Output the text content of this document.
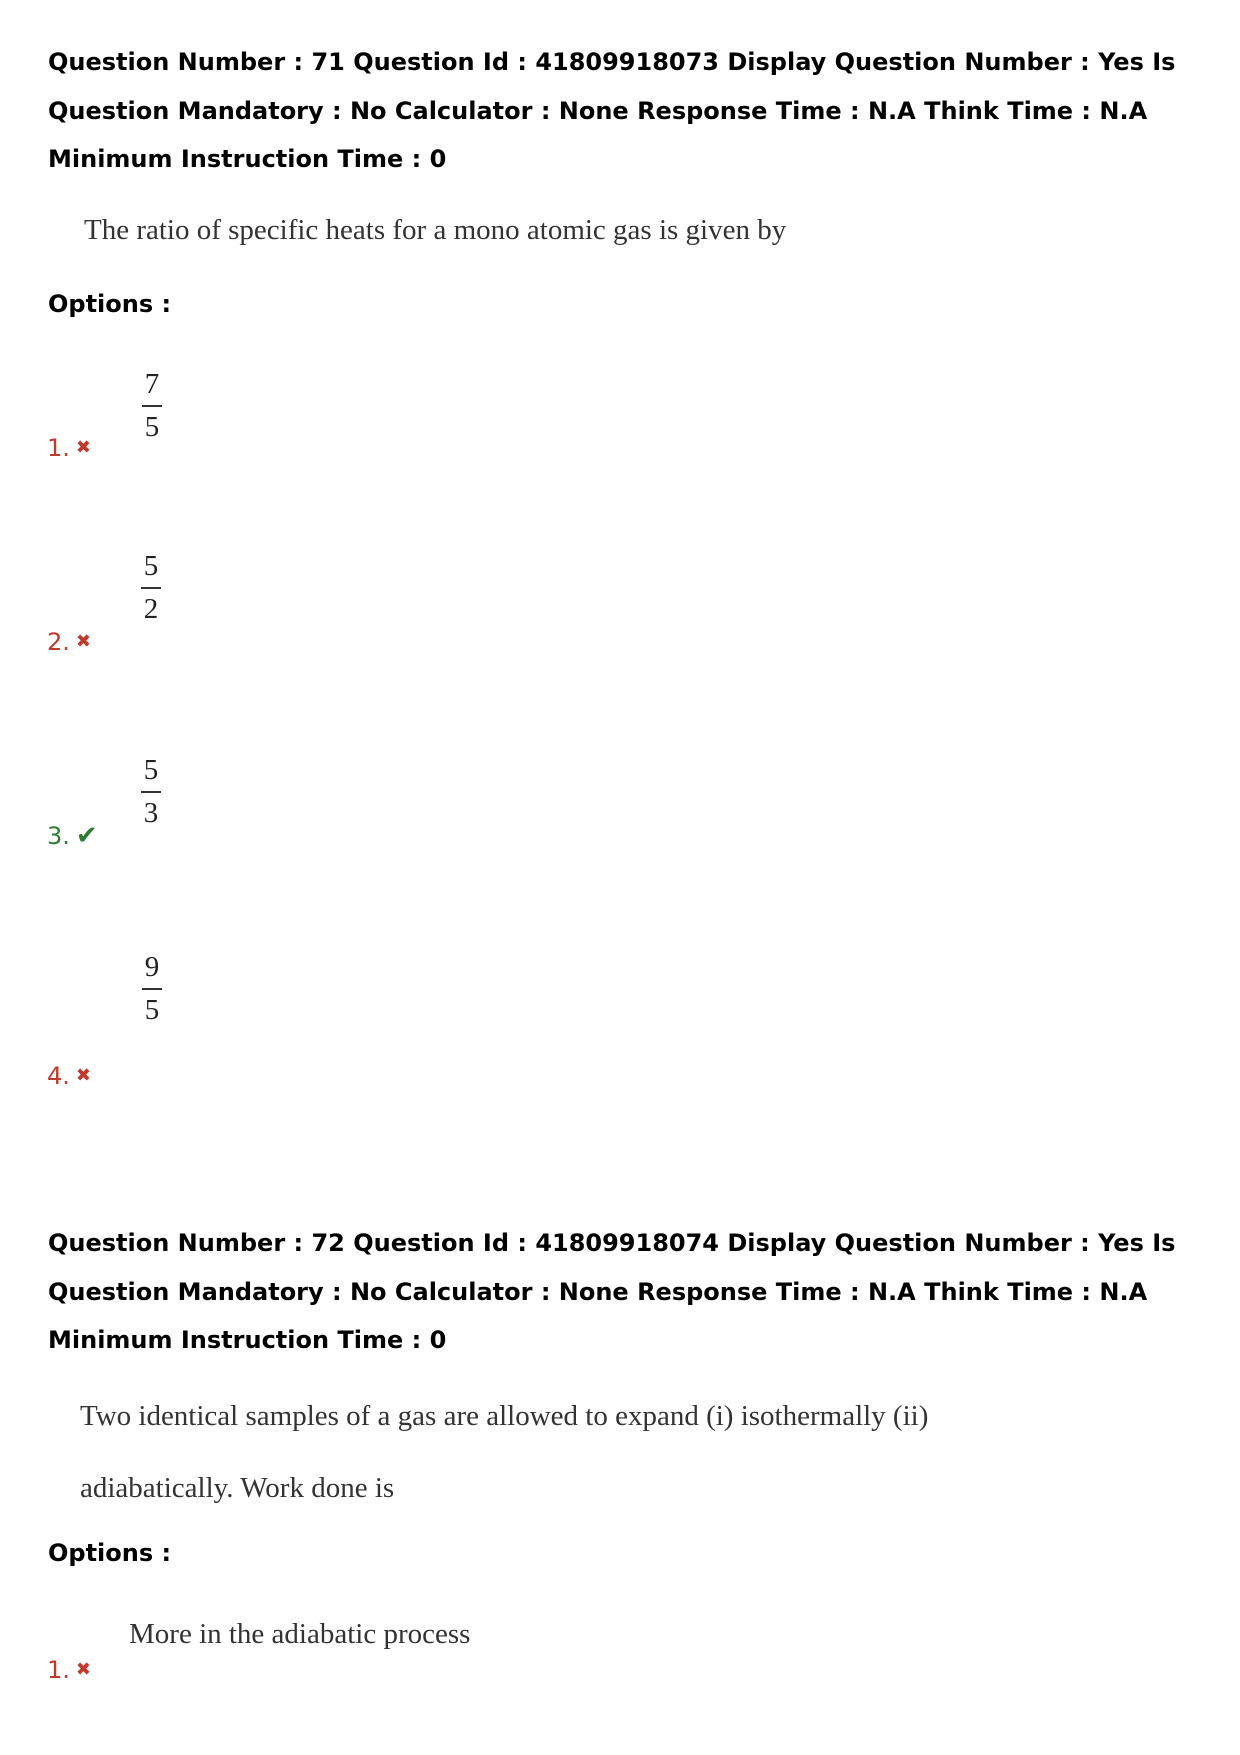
Question Number : 71 Question Id : 41809918073 Display Question Number : Yes Is Question Mandatory : No Calculator : None Response Time : N.A Think Time : N.A Minimum Instruction Time : 0

The ratio of specific heats for a mono atomic gas is given by

Options :

7
5
1. ✖
5
2
2. ✖
5
3
3. ✔
9
5
4. ✖

Question Number : 72 Question Id : 41809918074 Display Question Number : Yes Is Question Mandatory : No Calculator : None Response Time : N.A Think Time : N.A Minimum Instruction Time : 0

Two identical samples of a gas are allowed to expand (i) isothermally (ii)

adiabatically. Work done is

Options :

More in the adiabatic process
1. ✖
